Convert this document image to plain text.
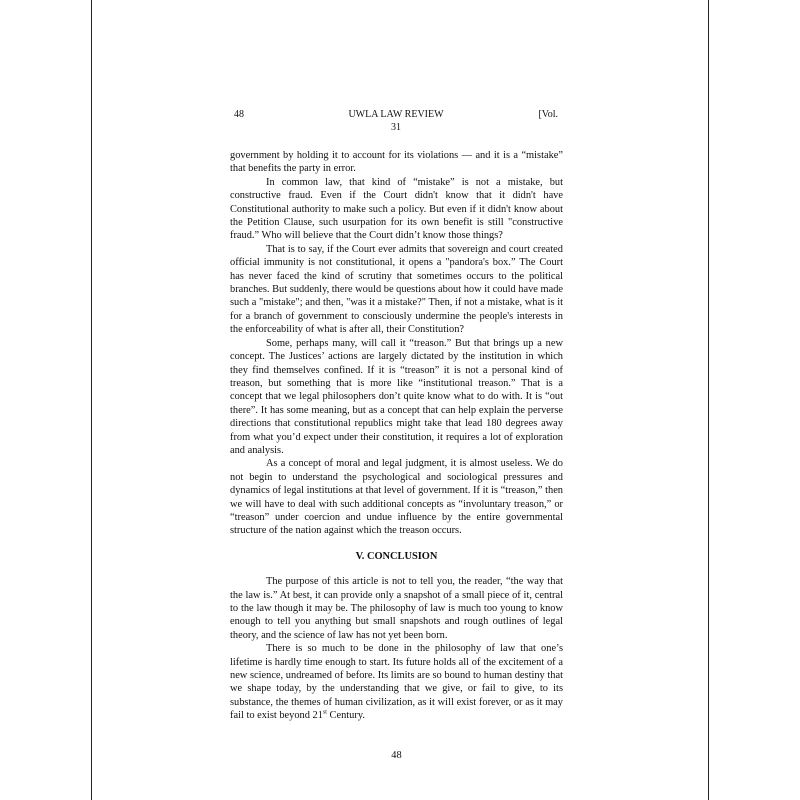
48	UWLA LAW REVIEW	[Vol.
31

government by holding it to account for its violations — and it is a “mistake” that benefits the party in error.

In common law, that kind of “mistake” is not a mistake, but constructive fraud. Even if the Court didn't know that it didn't have Constitutional authority to make such a policy. But even if it didn't know about the Petition Clause, such usurpation for its own benefit is still "constructive fraud.” Who will believe that the Court didn’t know those things?

That is to say, if the Court ever admits that sovereign and court created official immunity is not constitutional, it opens a "pandora's box.” The Court has never faced the kind of scrutiny that sometimes occurs to the political branches. But suddenly, there would be questions about how it could have made such a "mistake"; and then, "was it a mistake?" Then, if not a mistake, what is it for a branch of government to consciously undermine the people's interests in the enforceability of what is after all, their Constitution?

Some, perhaps many, will call it “treason.” But that brings up a new concept. The Justices’ actions are largely dictated by the institution in which they find themselves confined. If it is “treason” it is not a personal kind of treason, but something that is more like “institutional treason.” That is a concept that we legal philosophers don’t quite know what to do with. It is “out there”. It has some meaning, but as a concept that can help explain the perverse directions that constitutional republics might take that lead 180 degrees away from what you’d expect under their constitution, it requires a lot of exploration and analysis.

As a concept of moral and legal judgment, it is almost useless. We do not begin to understand the psychological and sociological pressures and dynamics of legal institutions at that level of government. If it is “treason,” then we will have to deal with such additional concepts as “involuntary treason,” or “treason” under coercion and undue influence by the entire governmental structure of the nation against which the treason occurs.

V. CONCLUSION

The purpose of this article is not to tell you, the reader, “the way that the law is.” At best, it can provide only a snapshot of a small piece of it, central to the law though it may be. The philosophy of law is much too young to know enough to tell you anything but small snapshots and rough outlines of legal theory, and the science of law has not yet been born.

There is so much to be done in the philosophy of law that one’s lifetime is hardly time enough to start. Its future holds all of the excitement of a new science, undreamed of before. Its limits are so bound to human destiny that we shape today, by the understanding that we give, or fail to give, to its substance, the themes of human civilization, as it will exist forever, or as it may fail to exist beyond 21st Century.

48
